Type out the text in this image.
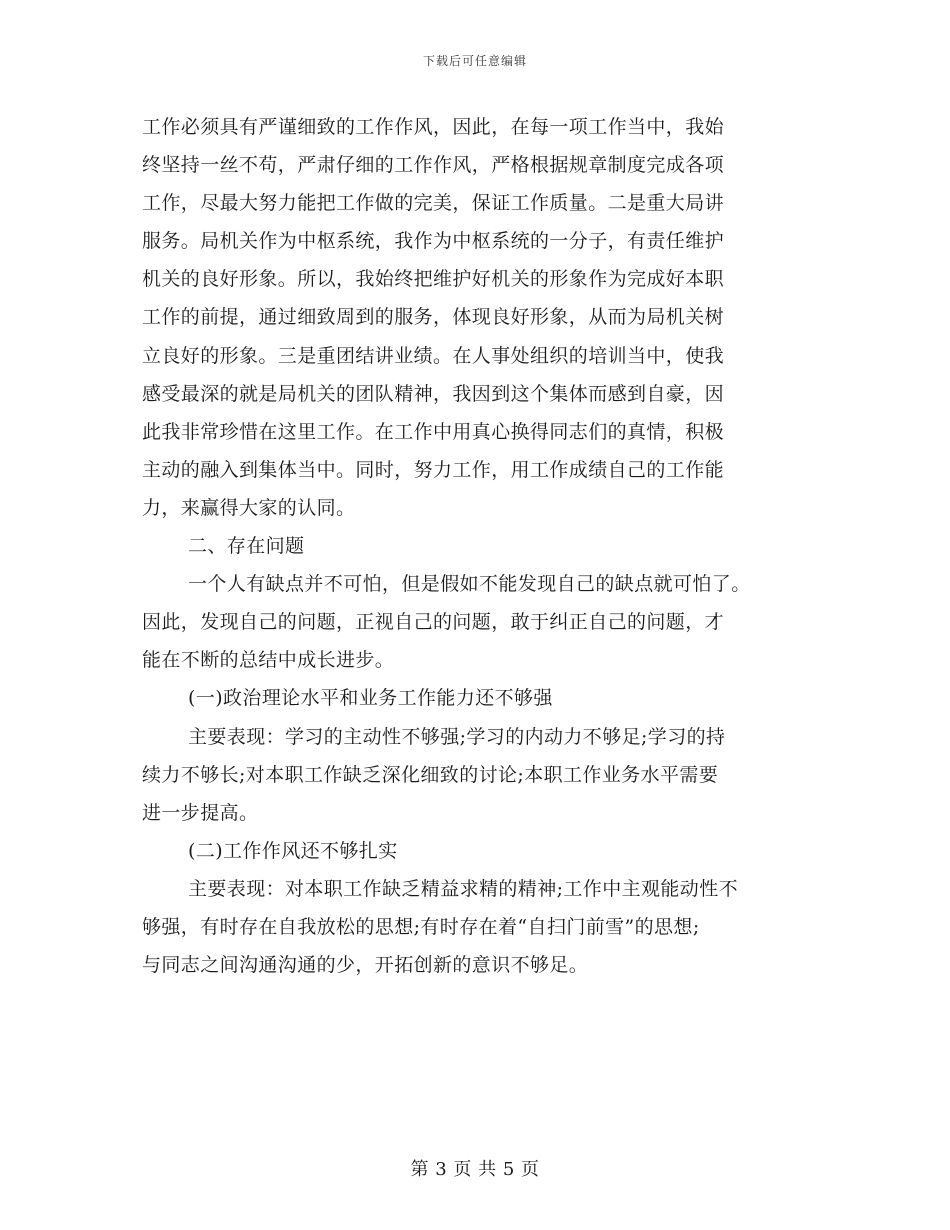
下载后可任意编辑
工作必须具有严谨细致的工作作风，因此，在每一项工作当中，我始
终坚持一丝不苟，严肃仔细的工作作风，严格根据规章制度完成各项
工作，尽最大努力能把工作做的完美，保证工作质量。二是重大局讲
服务。局机关作为中枢系统，我作为中枢系统的一分子，有责任维护
机关的良好形象。所以，我始终把维护好机关的形象作为完成好本职
工作的前提，通过细致周到的服务，体现良好形象，从而为局机关树
立良好的形象。三是重团结讲业绩。在人事处组织的培训当中，使我
感受最深的就是局机关的团队精神，我因到这个集体而感到自豪，因
此我非常珍惜在这里工作。在工作中用真心换得同志们的真情，积极
主动的融入到集体当中。同时，努力工作，用工作成绩自己的工作能
力，来赢得大家的认同。
二、存在问题
一个人有缺点并不可怕，但是假如不能发现自己的缺点就可怕了。
因此，发现自己的问题，正视自己的问题，敢于纠正自己的问题，才
能在不断的总结中成长进步。
(一)政治理论水平和业务工作能力还不够强
主要表现：学习的主动性不够强;学习的内动力不够足;学习的持
续力不够长;对本职工作缺乏深化细致的讨论;本职工作业务水平需要
进一步提高。
(二)工作作风还不够扎实
主要表现：对本职工作缺乏精益求精的精神;工作中主观能动性不
够强，有时存在自我放松的思想;有时存在着“自扫门前雪”的思想;
与同志之间沟通沟通的少，开拓创新的意识不够足。
第 3 页 共 5 页
